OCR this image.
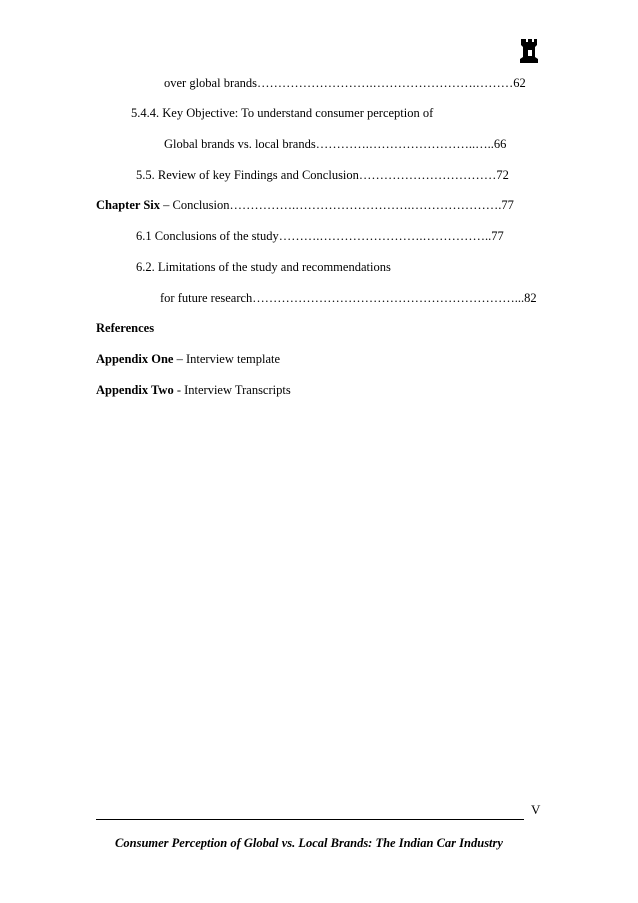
over global brands……………………….…………………….………62
5.4.4. Key Objective: To understand consumer perception of
Global brands vs. local brands………….……………………..…..66
5.5. Review of key Findings and Conclusion……………………………72
Chapter Six – Conclusion…………….……………………….………………….77
6.1 Conclusions of the study……….…………………….……………..77
6.2. Limitations of the study and recommendations
for future research………………………………………………………...82
References
Appendix One – Interview template
Appendix Two - Interview Transcripts
V
Consumer Perception of Global vs. Local Brands: The Indian Car Industry
